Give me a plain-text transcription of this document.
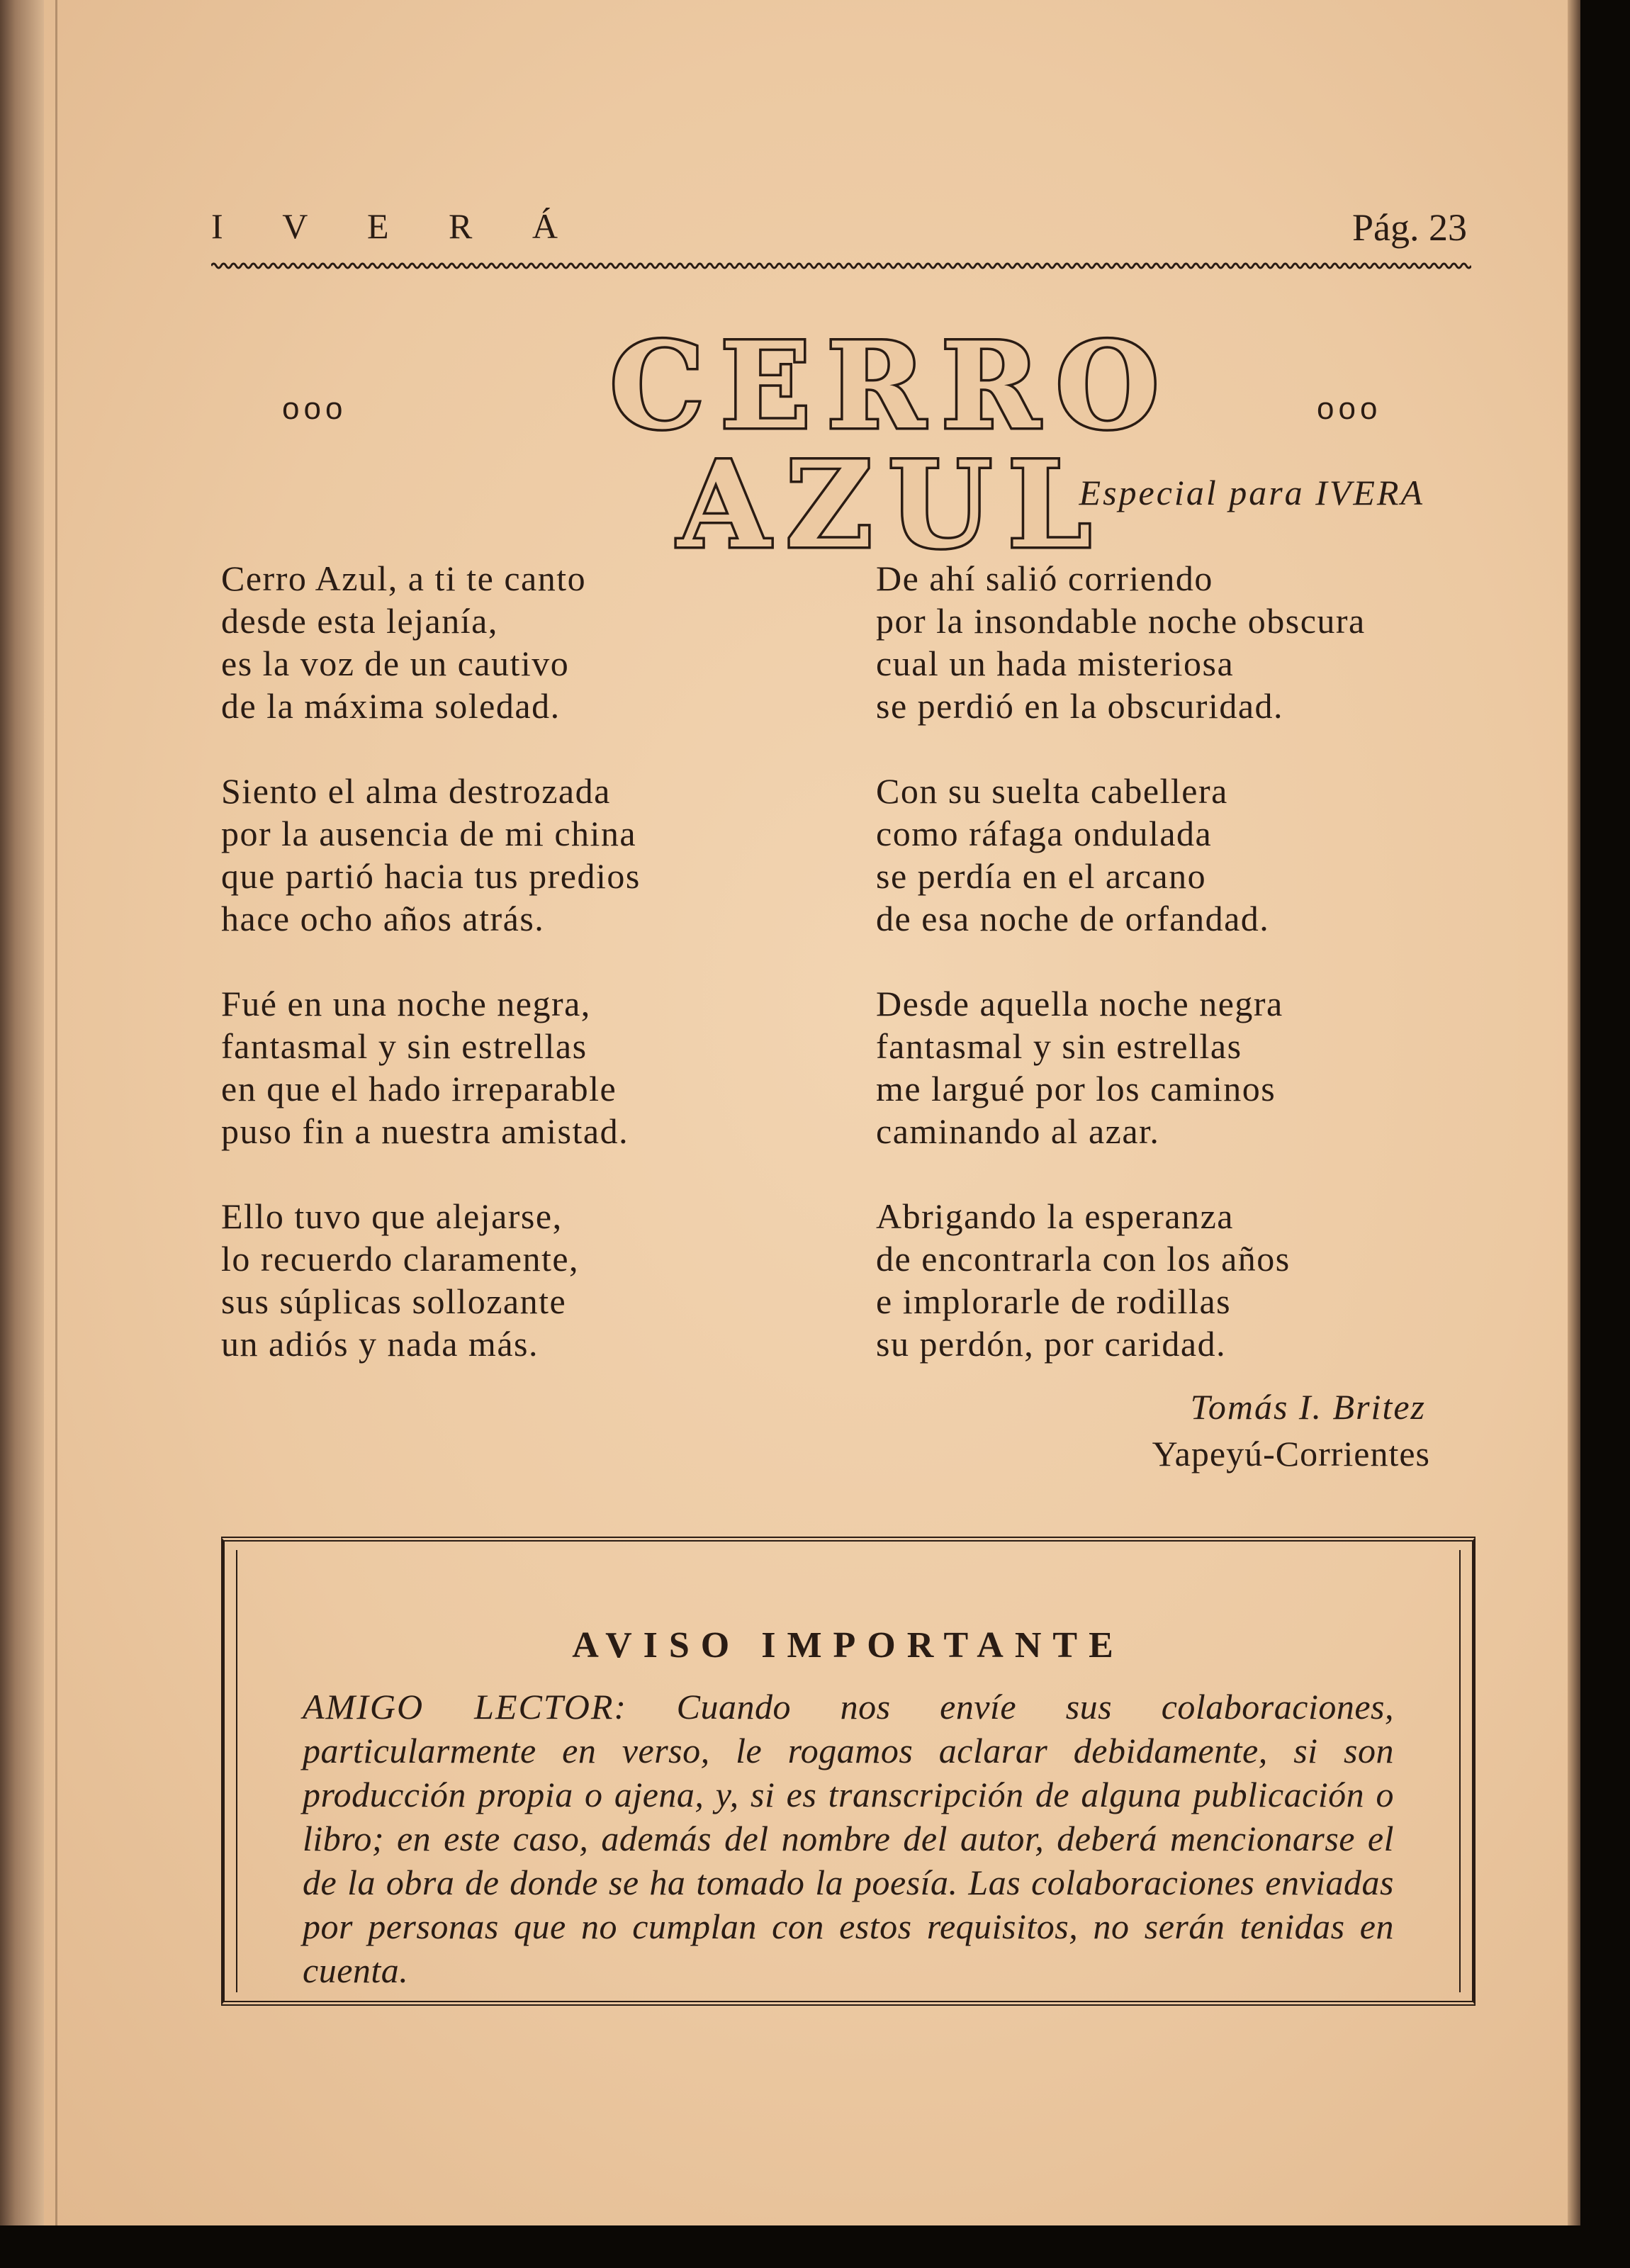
I V E R Á	Pág. 23
ooo	CERRO AZUL
ooo
Especial para IVERA
Cerro Azul, a ti te canto
desde esta lejanía,
es la voz de un cautivo
de la máxima soledad.
Siento el alma destrozada
por la ausencia de mi china
que partió hacia tus predios
hace ocho años atrás.
Fué en una noche negra,
fantasmal y sin estrellas
en que el hado irreparable
puso fin a nuestra amistad.
Ello tuvo que alejarse,
lo recuerdo claramente,
sus súplicas sollozante
un adiós y nada más.
De ahí salió corriendo
por la insondable noche obscura
cual un hada misteriosa
se perdió en la obscuridad.
Con su suelta cabellera
como ráfaga ondulada
se perdía en el arcano
de esa noche de orfandad.
Desde aquella noche negra
fantasmal y sin estrellas
me largué por los caminos
caminando al azar.
Abrigando la esperanza
de encontrarla con los años
e implorarle de rodillas
su perdón, por caridad.
Tomás I. Britez
Yapeyú-Corrientes
AVISO IMPORTANTE
AMIGO LECTOR: Cuando nos envíe sus colaboraciones, particularmente en verso, le rogamos aclarar debidamente, si son producción propia o ajena, y, si es transcripción de alguna publicación o libro; en este caso, además del nombre del autor, deberá mencionarse el de la obra de donde se ha tomado la poesía. Las colaboraciones enviadas por personas que no cumplan con estos requisitos, no serán tenidas en cuenta.
